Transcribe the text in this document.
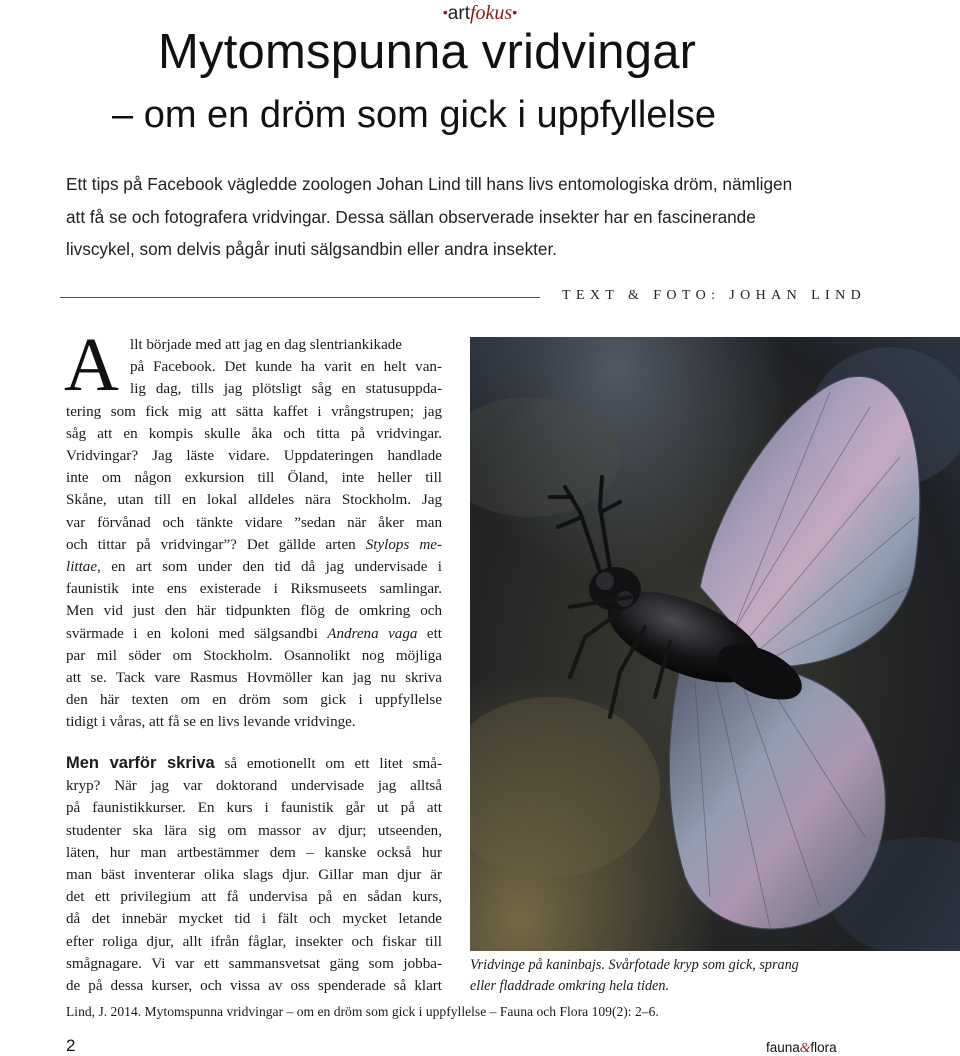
•artfokus•
Mytomspunna vridvingar
– om en dröm som gick i uppfyllelse
Ett tips på Facebook vägledde zoologen Johan Lind till hans livs entomologiska dröm, nämligen
att få se och fotografera vridvingar. Dessa sällan observerade insekter har en fascinerande
livscykel, som delvis pågår inuti sälgsandbin eller andra insekter.
TEXT & FOTO: JOHAN LIND
A llt började med att jag en dag slentriankikade
på Facebook. Det kunde ha varit en helt van-
lig dag, tills jag plötsligt såg en statusuppda-
tering som fick mig att sätta kaffet i vrångstrupen; jag
såg att en kompis skulle åka och titta på vridvingar.
Vridvingar? Jag läste vidare. Uppdateringen handlade
inte om någon exkursion till Öland, inte heller till
Skåne, utan till en lokal alldeles nära Stockholm. Jag
var förvånad och tänkte vidare ”sedan när åker man
och tittar på vridvingar”? Det gällde arten Stylops me-
littae, en art som under den tid då jag undervisade i
faunistik inte ens existerade i Riksmuseets samlingar.
Men vid just den här tidpunkten flög de omkring och
svärmade i en koloni med sälgsandbi Andrena vaga ett
par mil söder om Stockholm. Osannolikt nog möjliga
att se. Tack vare Rasmus Hovmöller kan jag nu skriva
den här texten om en dröm som gick i uppfyllelse
tidigt i våras, att få se en livs levande vridvinge.
Men varför skriva så emotionellt om ett litet små-
kryp? När jag var doktorand undervisade jag alltså
på faunistikkurser. En kurs i faunistik går ut på att
studenter ska lära sig om massor av djur; utseenden,
läten, hur man artbestämmer dem – kanske också hur
man bäst inventerar olika slags djur. Gillar man djur är
det ett privilegium att få undervisa på en sådan kurs,
då det innebär mycket tid i fält och mycket letande
efter roliga djur, allt ifrån fåglar, insekter och fiskar till
smågnagare. Vi var ett sammansvetsat gäng som jobba-
de på dessa kurser, och vissa av oss spenderade så klart
Vridvinge på kaninbajs. Svårfotade kryp som gick, sprang
eller fladdrade omkring hela tiden.
Lind, J. 2014. Mytomspunna vridvingar – om en dröm som gick i uppfyllelse – Fauna och Flora 109(2): 2–6.
2	fauna&flora
